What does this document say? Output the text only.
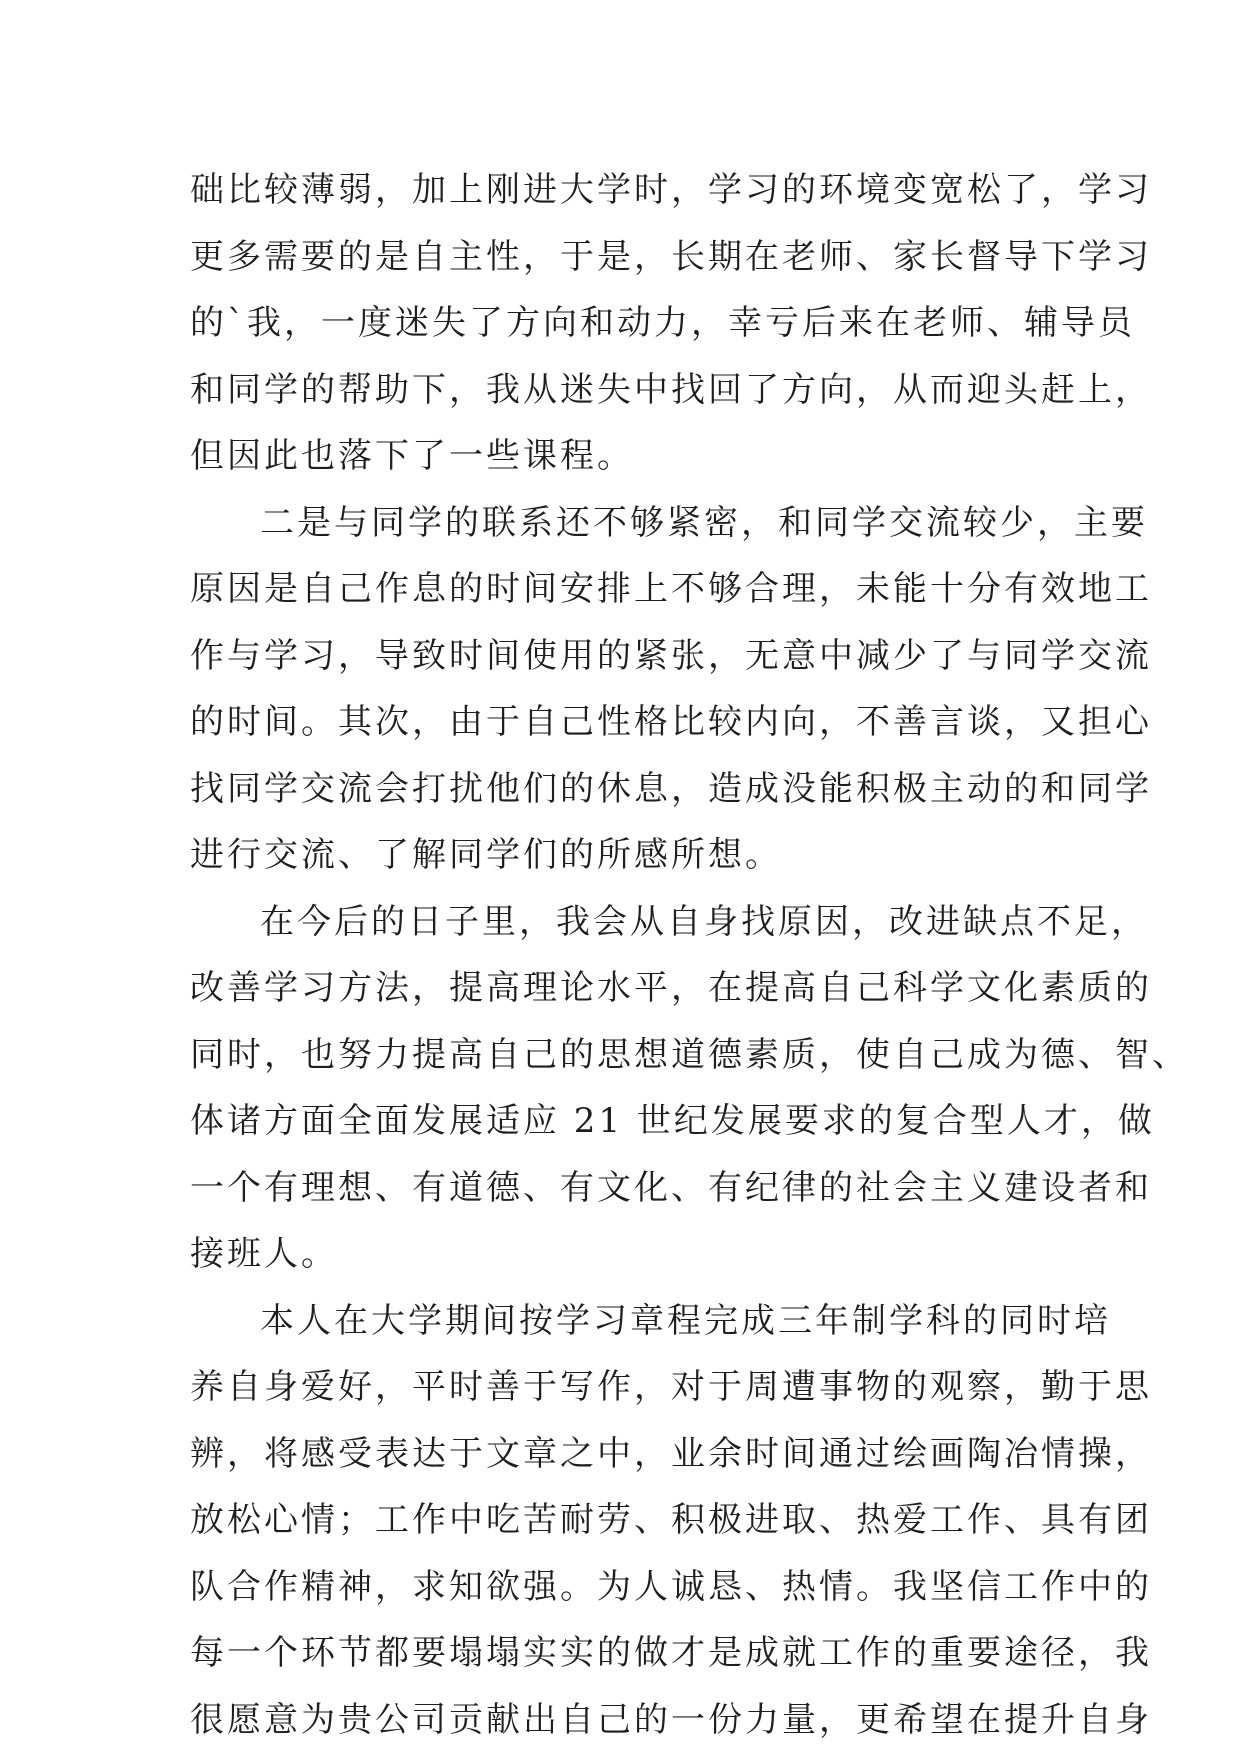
础比较薄弱，加上刚进大学时，学习的环境变宽松了，学习
更多需要的是自主性，于是，长期在老师、家长督导下学习
的`我，一度迷失了方向和动力，幸亏后来在老师、辅导员
和同学的帮助下，我从迷失中找回了方向，从而迎头赶上，
但因此也落下了一些课程。
二是与同学的联系还不够紧密，和同学交流较少，主要
原因是自己作息的时间安排上不够合理，未能十分有效地工
作与学习，导致时间使用的紧张，无意中减少了与同学交流
的时间。其次，由于自己性格比较内向，不善言谈，又担心
找同学交流会打扰他们的休息，造成没能积极主动的和同学
进行交流、了解同学们的所感所想。
在今后的日子里，我会从自身找原因，改进缺点不足，
改善学习方法，提高理论水平，在提高自己科学文化素质的
同时，也努力提高自己的思想道德素质，使自己成为德、智、
体诸方面全面发展适应 21 世纪发展要求的复合型人才，做
一个有理想、有道德、有文化、有纪律的社会主义建设者和
接班人。
本人在大学期间按学习章程完成三年制学科的同时培
养自身爱好，平时善于写作，对于周遭事物的观察，勤于思
辨，将感受表达于文章之中，业余时间通过绘画陶冶情操，
放松心情；工作中吃苦耐劳、积极进取、热爱工作、具有团
队合作精神，求知欲强。为人诚恳、热情。我坚信工作中的
每一个环节都要塌塌实实的做才是成就工作的重要途径，我
很愿意为贵公司贡献出自己的一份力量，更希望在提升自身
